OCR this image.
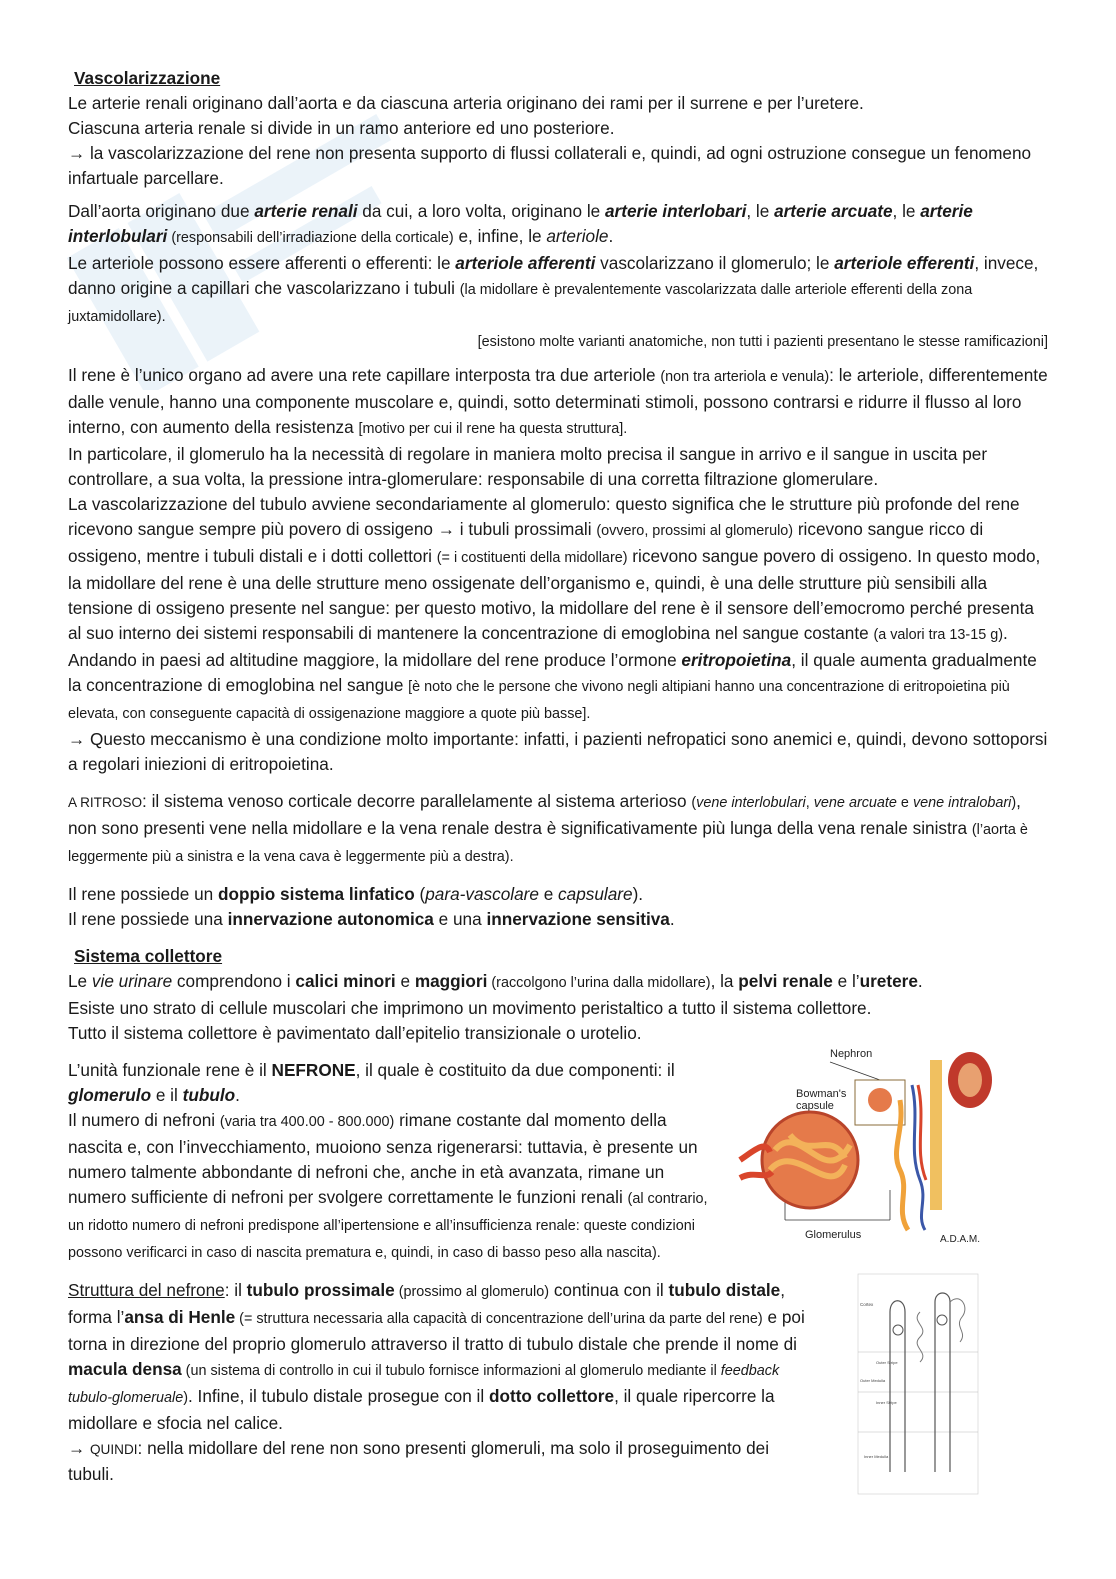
Vascolarizzazione

Le arterie renali originano dall’aorta e da ciascuna arteria originano dei rami per il surrene e per l’uretere.

Ciascuna arteria renale si divide in un ramo anteriore ed uno posteriore.

→ la vascolarizzazione del rene non presenta supporto di flussi collaterali e, quindi, ad ogni ostruzione consegue un fenomeno infartuale parcellare.

Dall’aorta originano due arterie renali da cui, a loro volta, originano le arterie interlobari, le arterie arcuate, le arterie interlobulari (responsabili dell’irradiazione della corticale) e, infine, le arteriole.

Le arteriole possono essere afferenti o efferenti: le arteriole afferenti vascolarizzano il glomerulo; le arteriole efferenti, invece, danno origine a capillari che vascolarizzano i tubuli (la midollare è prevalentemente vascolarizzata dalle arteriole efferenti della zona juxtamidollare).

[esistono molte varianti anatomiche, non tutti i pazienti presentano le stesse ramificazioni]

Il rene è l’unico organo ad avere una rete capillare interposta tra due arteriole (non tra arteriola e venula): le arteriole, differentemente dalle venule, hanno una componente muscolare e, quindi, sotto determinati stimoli, possono contrarsi e ridurre il flusso al loro interno, con aumento della resistenza [motivo per cui il rene ha questa struttura].

In particolare, il glomerulo ha la necessità di regolare in maniera molto precisa il sangue in arrivo e il sangue in uscita per controllare, a sua volta, la pressione intra-glomerulare: responsabile di una corretta filtrazione glomerulare.

La vascolarizzazione del tubulo avviene secondariamente al glomerulo: questo significa che le strutture più profonde del rene ricevono sangue sempre più povero di ossigeno → i tubuli prossimali (ovvero, prossimi al glomerulo) ricevono sangue ricco di ossigeno, mentre i tubuli distali e i dotti collettori (= i costituenti della midollare) ricevono sangue povero di ossigeno. In questo modo, la midollare del rene è una delle strutture meno ossigenate dell’organismo e, quindi, è una delle strutture più sensibili alla tensione di ossigeno presente nel sangue: per questo motivo, la midollare del rene è il sensore dell’emocromo perché presenta al suo interno dei sistemi responsabili di mantenere la concentrazione di emoglobina nel sangue costante (a valori tra 13-15 g).

Andando in paesi ad altitudine maggiore, la midollare del rene produce l’ormone eritropoietina, il quale aumenta gradualmente la concentrazione di emoglobina nel sangue [è noto che le persone che vivono negli altipiani hanno una concentrazione di eritropoietina più elevata, con conseguente capacità di ossigenazione maggiore a quote più basse].

→ Questo meccanismo è una condizione molto importante: infatti, i pazienti nefropatici sono anemici e, quindi, devono sottoporsi a regolari iniezioni di eritropoietina.

A RITROSO: il sistema venoso corticale decorre parallelamente al sistema arterioso (vene interlobulari, vene arcuate e vene intralobari), non sono presenti vene nella midollare e la vena renale destra è significativamente più lunga della vena renale sinistra (l’aorta è leggermente più a sinistra e la vena cava è leggermente più a destra).

Il rene possiede un doppio sistema linfatico (para-vascolare e capsulare).

Il rene possiede una innervazione autonomica e una innervazione sensitiva.

Sistema collettore

Le vie urinare comprendono i calici minori e maggiori (raccolgono l’urina dalla midollare), la pelvi renale e l’uretere.

Esiste uno strato di cellule muscolari che imprimono un movimento peristaltico a tutto il sistema collettore.

Tutto il sistema collettore è pavimentato dall’epitelio transizionale o urotelio.

L’unità funzionale rene è il NEFRONE, il quale è costituito da due componenti: il glomerulo e il tubulo.

Il numero di nefroni (varia tra 400.00 - 800.000) rimane costante dal momento della nascita e, con l’invecchiamento, muoiono senza rigenerarsi: tuttavia, è presente un numero talmente abbondante di nefroni che, anche in età avanzata, rimane un numero sufficiente di nefroni per svolgere correttamente le funzioni renali (al contrario, un ridotto numero di nefroni predispone all’ipertensione e all’insufficienza renale: queste condizioni possono verificarci in caso di nascita prematura e, quindi, in caso di basso peso alla nascita).

Struttura del nefrone: il tubulo prossimale (prossimo al glomerulo) continua con il tubulo distale, forma l’ansa di Henle (= struttura necessaria alla capacità di concentrazione dell’urina da parte del rene) e poi torna in direzione del proprio glomerulo attraverso il tratto di tubulo distale che prende il nome di macula densa (un sistema di controllo in cui il tubulo fornisce informazioni al glomerulo mediante il feedback tubulo-glomeruale). Infine, il tubulo distale prosegue con il dotto collettore, il quale ripercorre la midollare e sfocia nel calice.

→ QUINDI: nella midollare del rene non sono presenti glomeruli, ma solo il proseguimento dei tubuli.

Nephron
Bowman's
capsule
Glomerulus	A.D.A.M.
Cortex
Outer Stripe
Inner Stripe
Outer Medulla
Inner Medulla
